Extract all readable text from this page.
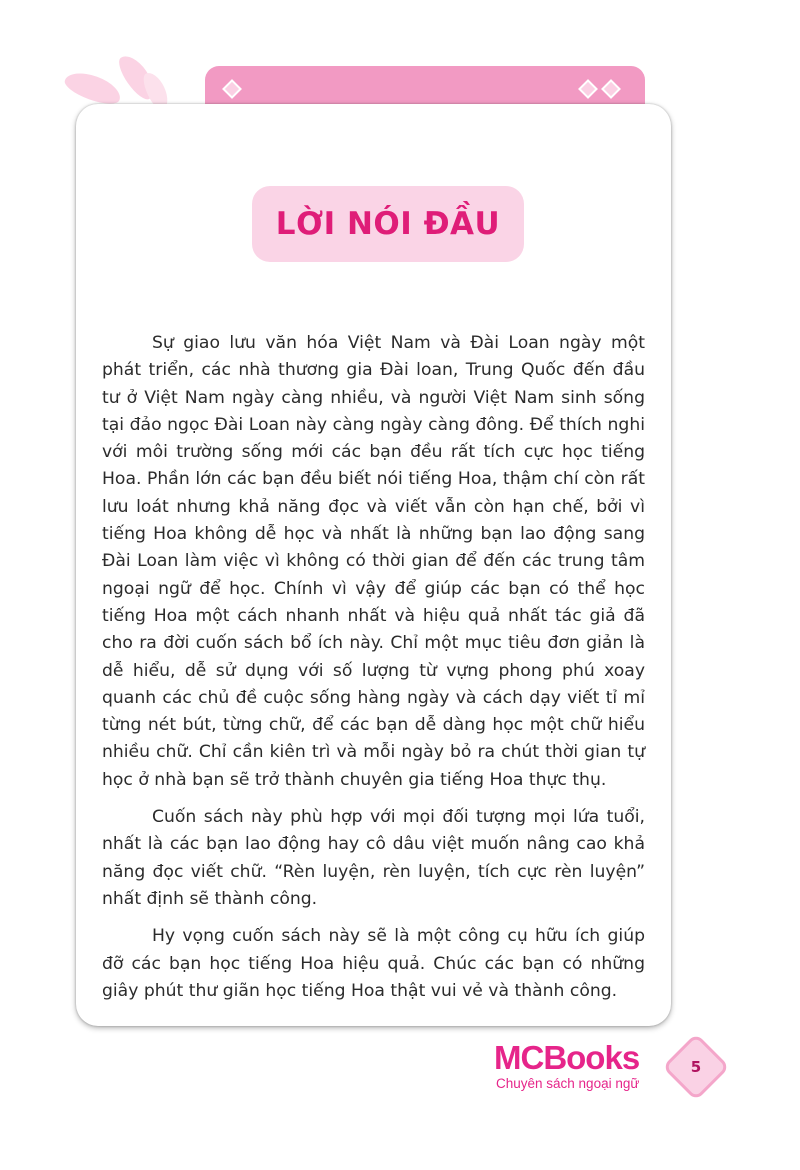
LỜI NÓI ĐẦU

Sự giao lưu văn hóa Việt Nam và Đài Loan ngày một phát triển, các nhà thương gia Đài loan, Trung Quốc đến đầu tư ở Việt Nam ngày càng nhiều, và người Việt Nam sinh sống tại đảo ngọc Đài Loan này càng ngày càng đông. Để thích nghi với môi trường sống mới các bạn đều rất tích cực học tiếng Hoa. Phần lớn các bạn đều biết nói tiếng Hoa, thậm chí còn rất lưu loát nhưng khả năng đọc và viết vẫn còn hạn chế, bởi vì tiếng Hoa không dễ học và nhất là những bạn lao động sang Đài Loan làm việc vì không có thời gian để đến các trung tâm ngoại ngữ để học. Chính vì vậy để giúp các bạn có thể học tiếng Hoa một cách nhanh nhất và hiệu quả nhất tác giả đã cho ra đời cuốn sách bổ ích này. Chỉ một mục tiêu đơn giản là dễ hiểu, dễ sử dụng với số lượng từ vựng phong phú xoay quanh các chủ đề cuộc sống hàng ngày và cách dạy viết tỉ mỉ từng nét bút, từng chữ, để các bạn dễ dàng học một chữ hiểu nhiều chữ. Chỉ cần kiên trì và mỗi ngày bỏ ra chút thời gian tự học ở nhà bạn sẽ trở thành chuyên gia tiếng Hoa thực thụ.

Cuốn sách này phù hợp với mọi đối tượng mọi lứa tuổi, nhất là các bạn lao động hay cô dâu việt muốn nâng cao khả năng đọc viết chữ. “Rèn luyện, rèn luyện, tích cực rèn luyện” nhất định sẽ thành công.

Hy vọng cuốn sách này sẽ là một công cụ hữu ích giúp đỡ các bạn học tiếng Hoa hiệu quả. Chúc các bạn có những giây phút thư giãn học tiếng Hoa thật vui vẻ và thành công.

MCBooks
Chuyên sách ngoại ngữ
5
